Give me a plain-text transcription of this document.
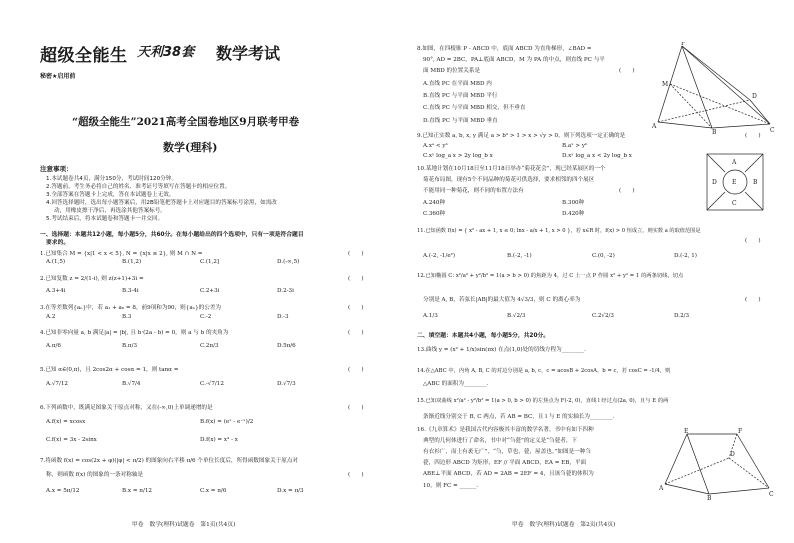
超级全能生 天利38套 数学考试
秘密★启用前
“超级全能生”2021高考全国卷地区9月联考甲卷
数学(理科)
注意事项：
1.本试题卷共4页，满分150分，考试时间120分钟。
2.答题前，考生务必将自己的姓名、准考证号等填写在答题卡的相应位置。
3.全部答案在答题卡上完成，答在本试题卷上无效。
4.回答选择题时，选出每小题答案后，用2B铅笔把答题卡上对应题目的答案标号涂黑，如需改
动，用橡皮擦干净后，再选涂其他答案标号。
5.考试结束后，将本试题卷和答题卡一并交回。
一、选择题：本题共12小题，每小题5分，共60分。在每小题给出的四个选项中，只有一项是符合题目
要求的。
1.已知集合 M = {x|1 < x < 5}, N = {x|x ≤ 2}, 则 M ∩ N =	(　　)
A.(1,5)	B.(1,2)	C.(1,2]	D.(-∞,5)
2.已知复数 z = 2/(1-i), 则 z(z+1)+3i =	(　　)
A.3+4i	B.3-4i	C.2+3i	D.2-3i
3.在等差数列{aₙ}中，若 a₁ + a₆ = 8，前9项和为90，则{aₙ}的公差为	(　　)
A.2	B.3	C.-2	D.-3
4.已知非零向量 a, b 满足|a| = |b|, 且 b·(2a - b) = 0，则 a 与 b 的夹角为	(　　)
A.π/6	B.π/3	C.2π/3	D.5π/6
5.已知 α∈(0,π)，且 2cos2α + cosα = 1，则 tanα =	(　　)
A.√7/12	B.√7/4	C.-√7/12	D.√7/3
6.下列函数中，既满足图象关于原点对称，又在(-∞,0)上单调递增的是	(　　)
A.f(x) = xcosx	B.f(x) = (eˣ - e⁻ˣ)/2
C.f(x) = 3x - 2sinx	D.f(x) = x³ - x
7.将函数 f(x) = cos(2x + φ)(|φ| < π/2) 的图象向右平移 π/6 个单位长度后，所得函数图象关于原点对
称，则函数 f(x) 的图象的一条对称轴是	(　　)
A.x = 5π/12	B.x = π/12	C.x = π/6	D.x = π/3
甲卷　数学(理科)试题卷　第1页(共4页)
8.如图，在四棱锥 P - ABCD 中，底面 ABCD 为直角梯形，∠BAD =
90°, AD = 2BC，PA⊥底面 ABCD，M 为 PA 的中点，则直线 PC 与平
面 MBD 的位置关系是	(　　)
A.直线 PC 在平面 MBD 内
B.直线 PC 与平面 MBD 平行
C.直线 PC 与平面 MBD 相交，但不垂直
D.直线 PC 与平面 MBD 垂直
P
M
A
B	C
D
9.已知正实数 a, b, x, y 满足 a > b² > 1 > x > √y > 0，则下列选项一定正确的是	(　　)
A.xᵃ < yᵇ	B.aˣ > yᵇ
C.xʸ log_a x > 2y log_b x	D.xʸ log_a x < 2y log_b x
10.某地计划在10月18日至11月18日举办“菊花花会”，现已经某展区的一个
菊花布局图，现有5个不同品种的菊花可供选择，要求相邻的四个展区
不能用同一种菊花，则不同的布置方法有	(　　)
A.240种	B.300种
C.360种	D.420种
A
B
C
D	E
11.已知函数 f(x) = { x² - ax + 1, x ≤ 0; lnx - a/x + 1, x > 0 }，若 x∈R 时，f(x) > 0 恒成立，则实数 a 的取值范围是
(　　)
A.(-2, -1/e²)	B.(-2, -1)	C.(0, -2)	D.(-2, 1)
12.已知椭圆 C: x²/a² + y²/b² = 1(a > b > 0) 的焦距为 4，过 C 上一点 P 作圆 x² + y² = 1 的两条切线，切点
分别是 A, B，若弦长|AB|的最大值为 4√3/3，则 C 的离心率为	(　　)
A.1/3	B.√2/3	C.2√2/3	D.2/3
二、填空题：本题共4小题，每小题5分，共20分。
13.曲线 y = (x² + 1/x)sin(πx) 在点(1,0)处的切线方程为________.
14.在△ABC 中，内角 A, B, C 的对边分别是 a, b, c，c = acosB + 2cosA，b = c，若 cosC = -1/4，则
△ABC 的面积为________.
15.已知双曲线 x²/a² - y²/b² = 1(a > 0, b > 0) 的左焦点为 F(-2, 0)，直线 l 经过点(2a, 0)，且与 E 的两
条渐近线分别交于 B, C 两点，若 AB = BC，且 l 与 E 的实轴长为________.
16.《九章算术》是我国古代内容极其丰富的数学名著，书中有如下四种
典型的几何体进行了命名，书中对“刍甍”的定义是“刍甍者，下
有衣衫广，而上有袤无广”，“刍，草也，甍，屋盖也。”如图是一种刍
甍，四边形 ABCD 为矩形，EF // 平面 ABCD，EA = EB，平面
ABE⊥平面 ABCD，若 AD = 2AB = 2EF = 4，且该刍甍的体积为
10，则 FC = ______.
E	F
A
B
C
D
甲卷　数学(理科)试题卷　第2页(共4页)
